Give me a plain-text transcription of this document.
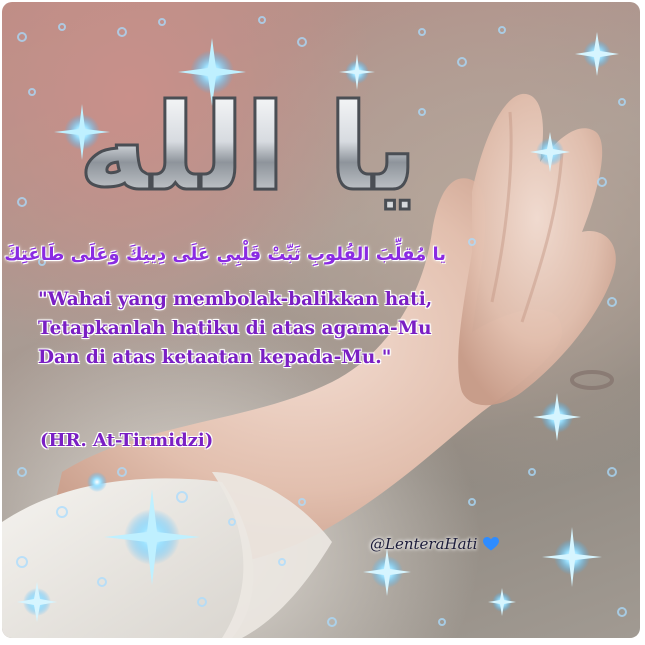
يا الله
يا مُقلِّبَ القُلوبِ ثَبِّتْ قَلْبِي عَلَى دِينِكَ وَعَلَى طَاعَتِكَ
"Wahai yang membolak-balikkan hati,
Tetapkanlah hatiku di atas agama-Mu
Dan di atas ketaatan kepada-Mu."
(HR. At-Tirmidzi)
@LenteraHati
